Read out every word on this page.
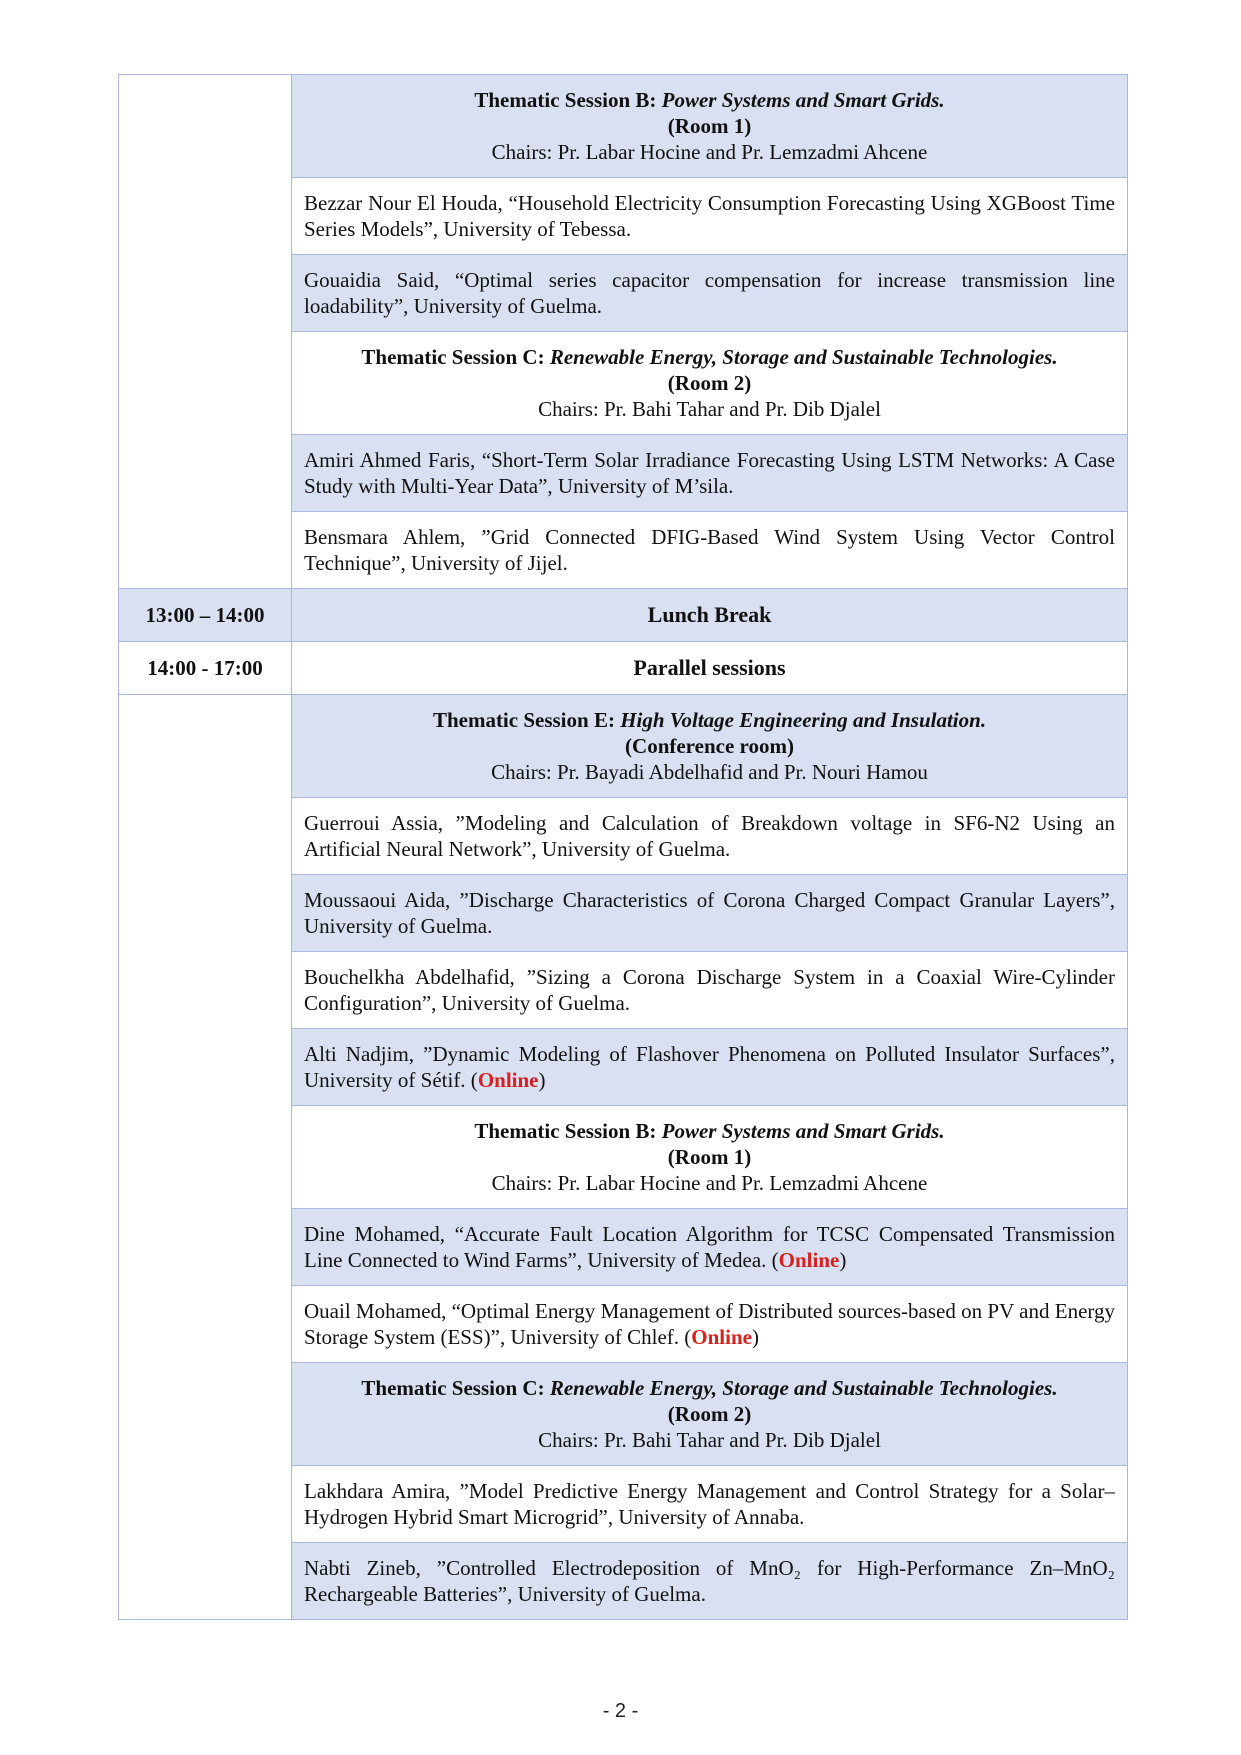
	Thematic Session B: Power Systems and Smart Grids.
(Room 1)
Chairs: Pr. Labar Hocine and Pr. Lemzadmi Ahcene

	Bezzar Nour El Houda, “Household Electricity Consumption Forecasting Using XGBoost Time Series Models”, University of Tebessa.
	Gouaidia Said, “Optimal series capacitor compensation for increase transmission line loadability”, University of Guelma.

	Thematic Session C: Renewable Energy, Storage and Sustainable Technologies.
(Room 2)
Chairs: Pr. Bahi Tahar and Pr. Dib Djalel

	Amiri Ahmed Faris, “Short-Term Solar Irradiance Forecasting Using LSTM Networks: A Case Study with Multi-Year Data”, University of M’sila.
	Bensmara Ahlem, ”Grid Connected DFIG-Based Wind System Using Vector Control Technique”, University of Jijel.
13:00 – 14:00	Lunch Break
14:00 - 17:00	Parallel sessions

	Thematic Session E: High Voltage Engineering and Insulation.
(Conference room)
Chairs: Pr. Bayadi Abdelhafid and Pr. Nouri Hamou

	Guerroui Assia, ”Modeling and Calculation of Breakdown voltage in SF6-N2 Using an Artificial Neural Network”, University of Guelma.
	Moussaoui Aida, ”Discharge Characteristics of Corona Charged Compact Granular Layers”, University of Guelma.
	Bouchelkha Abdelhafid, ”Sizing a Corona Discharge System in a Coaxial Wire-Cylinder Configuration”, University of Guelma.
	Alti Nadjim, ”Dynamic Modeling of Flashover Phenomena on Polluted Insulator Surfaces”, University of Sétif. (Online)

	Thematic Session B: Power Systems and Smart Grids.
(Room 1)
Chairs: Pr. Labar Hocine and Pr. Lemzadmi Ahcene

	Dine Mohamed, “Accurate Fault Location Algorithm for TCSC Compensated Transmission Line Connected to Wind Farms”, University of Medea. (Online)
	Ouail Mohamed, “Optimal Energy Management of Distributed sources-based on PV and Energy Storage System (ESS)”, University of Chlef. (Online)

	Thematic Session C: Renewable Energy, Storage and Sustainable Technologies.
(Room 2)
Chairs: Pr. Bahi Tahar and Pr. Dib Djalel

	Lakhdara Amira, ”Model Predictive Energy Management and Control Strategy for a Solar–Hydrogen Hybrid Smart Microgrid”, University of Annaba.
	Nabti Zineb, ”Controlled Electrodeposition of MnO₂ for High-Performance Zn–MnO₂ Rechargeable Batteries”, University of Guelma.
- 2 -
